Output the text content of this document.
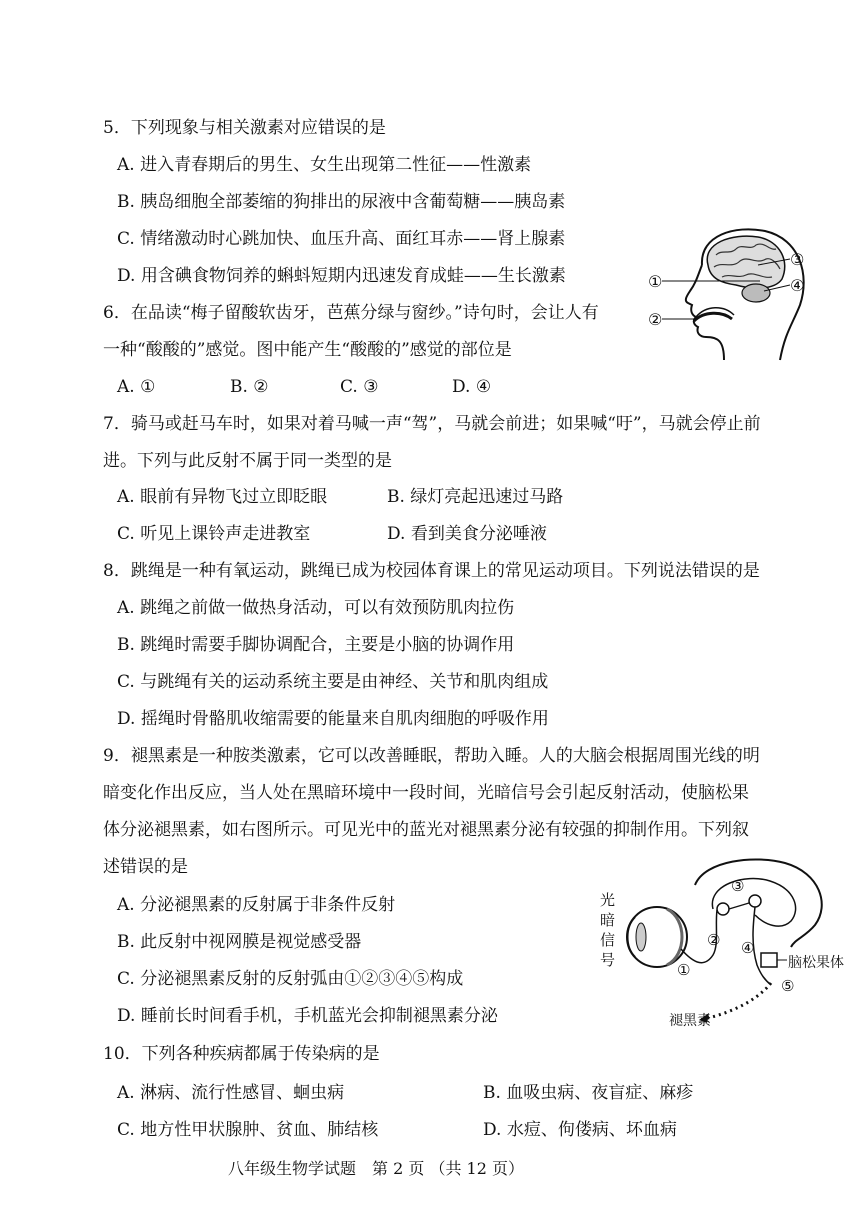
5．下列现象与相关激素对应错误的是
A. 进入青春期后的男生、女生出现第二性征——性激素
B. 胰岛细胞全部萎缩的狗排出的尿液中含葡萄糖——胰岛素
C. 情绪激动时心跳加快、血压升高、面红耳赤——肾上腺素
D. 用含碘食物饲养的蝌蚪短期内迅速发育成蛙——生长激素
6．在品读“梅子留酸软齿牙，芭蕉分绿与窗纱。”诗句时，会让人有
一种“酸酸的”感觉。图中能产生“酸酸的”感觉的部位是
A. ①	B. ②	C. ③	D. ④
①
②
③
④
7．骑马或赶马车时，如果对着马喊一声“驾”，马就会前进；如果喊“吁”，马就会停止前
进。下列与此反射不属于同一类型的是
A. 眼前有异物飞过立即眨眼	B. 绿灯亮起迅速过马路
C. 听见上课铃声走进教室	D. 看到美食分泌唾液
8．跳绳是一种有氧运动，跳绳已成为校园体育课上的常见运动项目。下列说法错误的是
A. 跳绳之前做一做热身活动，可以有效预防肌肉拉伤
B. 跳绳时需要手脚协调配合，主要是小脑的协调作用
C. 与跳绳有关的运动系统主要是由神经、关节和肌肉组成
D. 摇绳时骨骼肌收缩需要的能量来自肌肉细胞的呼吸作用
9．褪黑素是一种胺类激素，它可以改善睡眠，帮助入睡。人的大脑会根据周围光线的明
暗变化作出反应，当人处在黑暗环境中一段时间，光暗信号会引起反射活动，使脑松果
体分泌褪黑素，如右图所示。可见光中的蓝光对褪黑素分泌有较强的抑制作用。下列叙
述错误的是
A. 分泌褪黑素的反射属于非条件反射
B. 此反射中视网膜是视觉感受器
C. 分泌褪黑素反射的反射弧由①②③④⑤构成
D. 睡前长时间看手机，手机蓝光会抑制褪黑素分泌
光
暗
信
号
①
②
③
④
⑤
脑松果体
褪黑素
10．下列各种疾病都属于传染病的是
A. 淋病、流行性感冒、蛔虫病	B. 血吸虫病、夜盲症、麻疹
C. 地方性甲状腺肿、贫血、肺结核	D. 水痘、佝偻病、坏血病
八年级生物学试题　第 2 页 （共 12 页）
